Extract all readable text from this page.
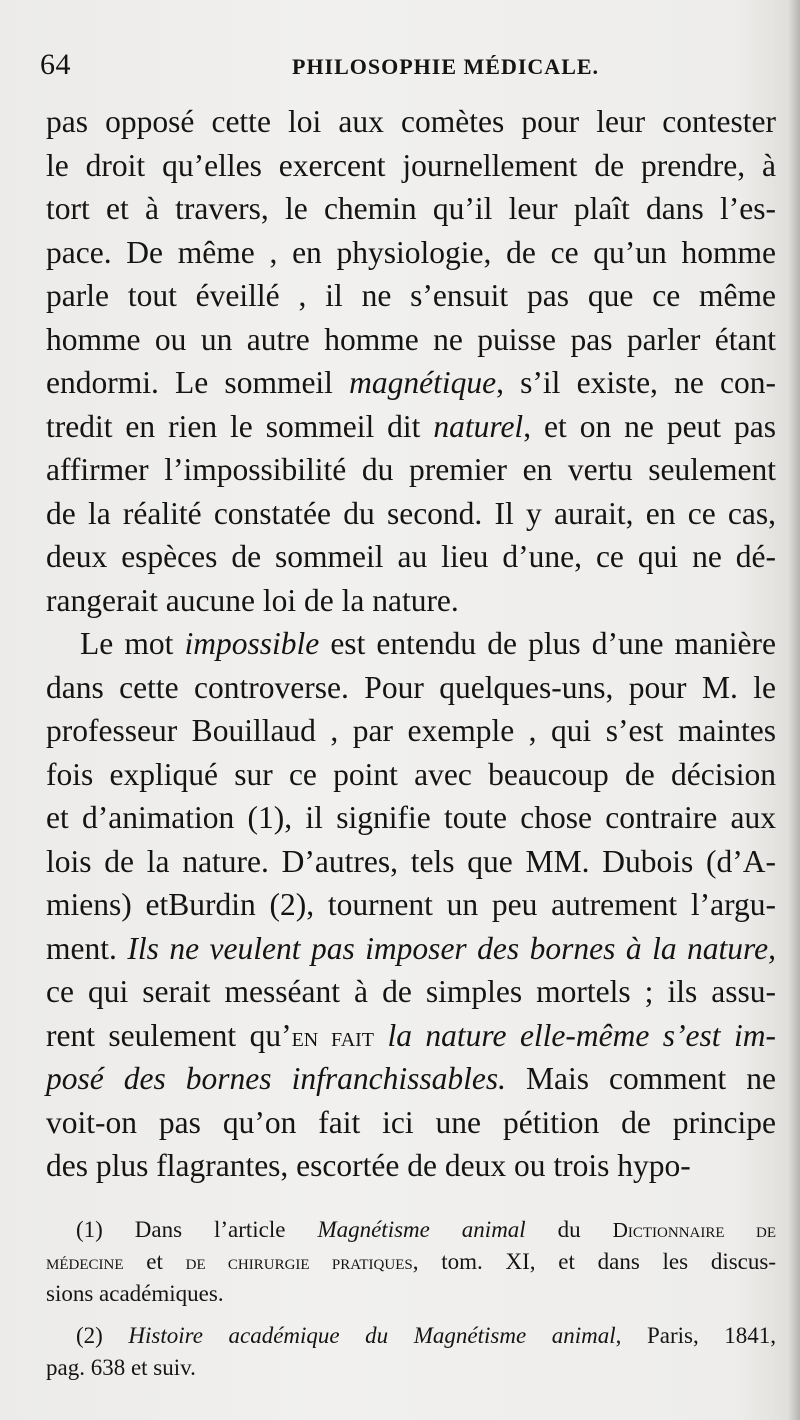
64	PHILOSOPHIE MÉDICALE.
pas opposé cette loi aux comètes pour leur contester
le droit qu’elles exercent journellement de prendre, à
tort et à travers, le chemin qu’il leur plaît dans l’es-
pace. De même , en physiologie, de ce qu’un homme
parle tout éveillé , il ne s’ensuit pas que ce même
homme ou un autre homme ne puisse pas parler étant
endormi. Le sommeil magnétique, s’il existe, ne con-
tredit en rien le sommeil dit naturel, et on ne peut pas
affirmer l’impossibilité du premier en vertu seulement
de la réalité constatée du second. Il y aurait, en ce cas,
deux espèces de sommeil au lieu d’une, ce qui ne dé-
rangerait aucune loi de la nature.
Le mot impossible est entendu de plus d’une manière
dans cette controverse. Pour quelques-uns, pour M. le
professeur Bouillaud , par exemple , qui s’est maintes
fois expliqué sur ce point avec beaucoup de décision
et d’animation (1), il signifie toute chose contraire aux
lois de la nature. D’autres, tels que MM. Dubois (d’A-
miens) etBurdin (2), tournent un peu autrement l’argu-
ment. Ils ne veulent pas imposer des bornes à la nature,
ce qui serait messéant à de simples mortels ; ils assu-
rent seulement qu’en fait la nature elle-même s’est im-
posé des bornes infranchissables. Mais comment ne
voit-on pas qu’on fait ici une pétition de principe
des plus flagrantes, escortée de deux ou trois hypo-
(1) Dans l’article Magnétisme animal du Dictionnaire de
médecine et de chirurgie pratiques, tom. XI, et dans les discus-
sions académiques.
(2) Histoire académique du Magnétisme animal, Paris, 1841,
pag. 638 et suiv.
